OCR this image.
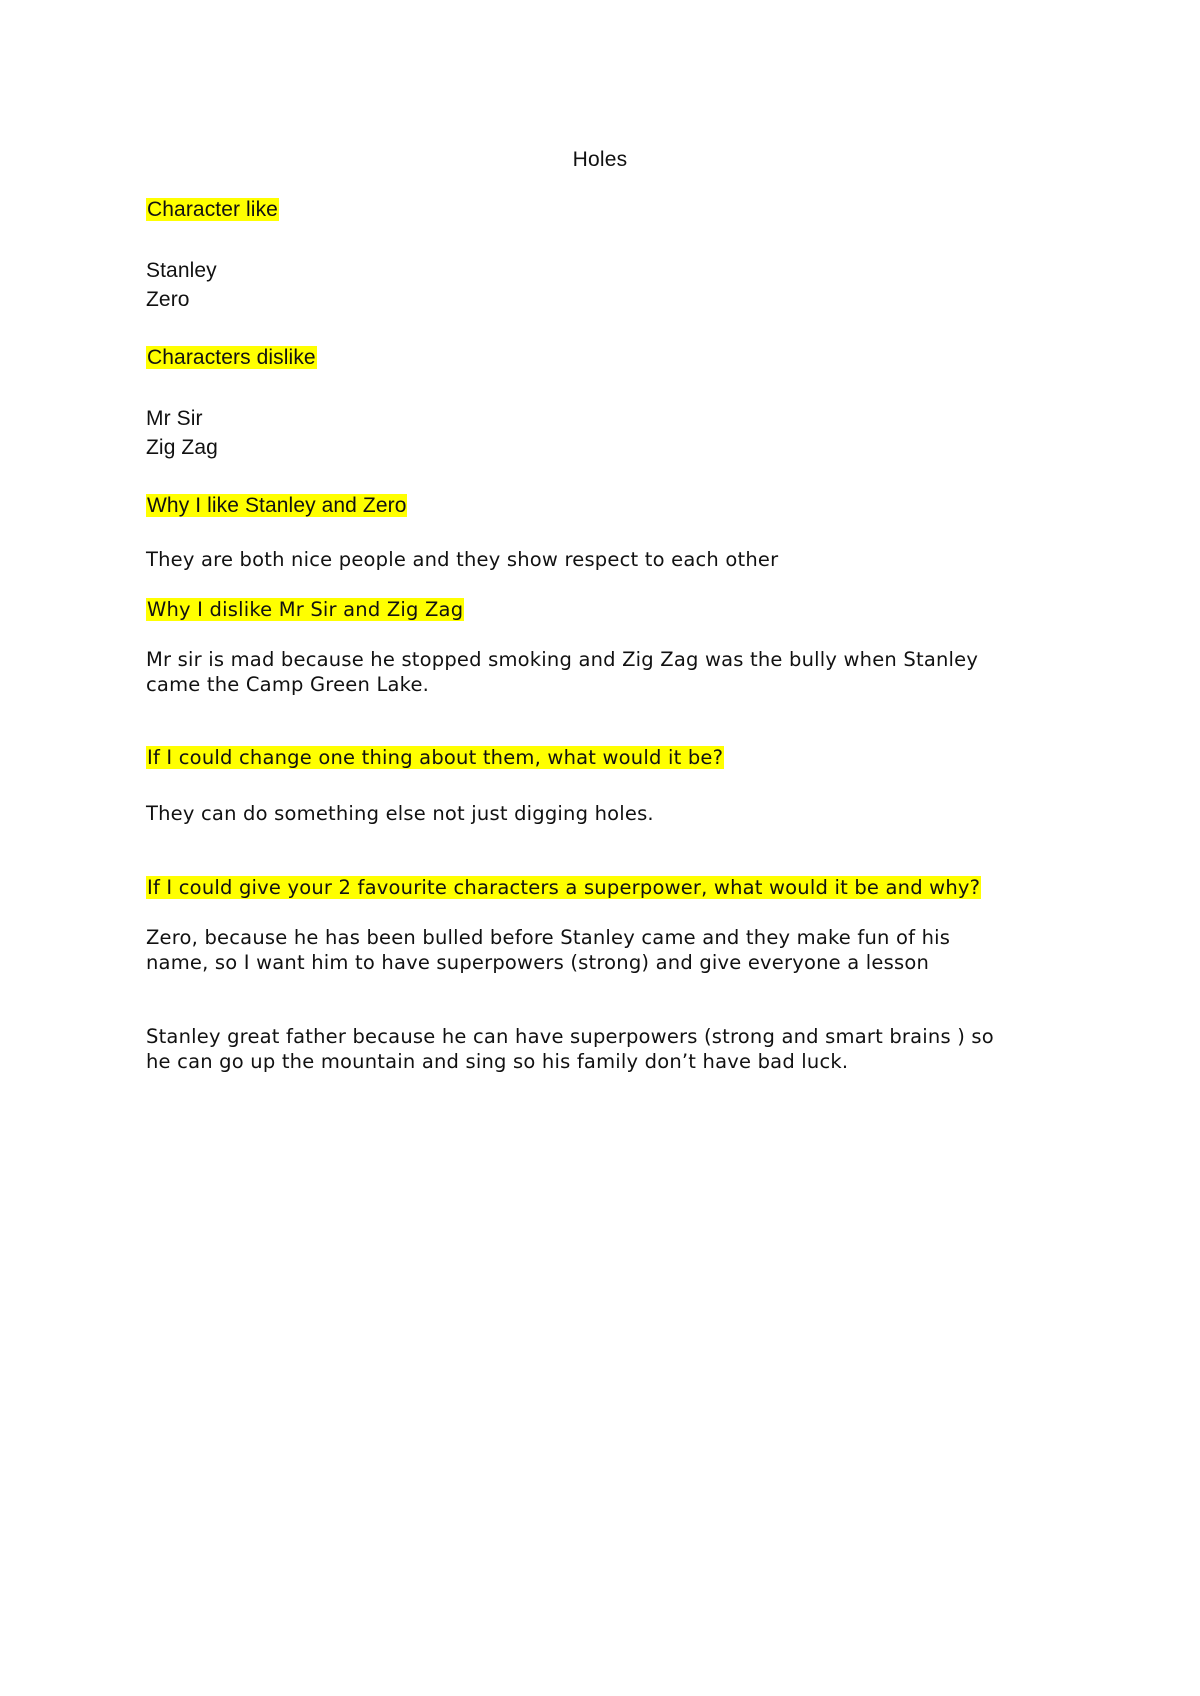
Holes
Character like
Stanley
Zero
Characters dislike
Mr Sir
Zig Zag
Why I like Stanley and Zero
They are both nice people and they show respect to each other
Why I dislike Mr Sir and Zig Zag
Mr sir is mad because he stopped smoking and Zig Zag was the bully when Stanley
came the Camp Green Lake.
If I could change one thing about them, what would it be?
They can do something else not just digging holes.
If I could give your 2 favourite characters a superpower, what would it be and why?
Zero, because he has been bulled before Stanley came and they make fun of his
name, so I want him to have superpowers (strong) and give everyone a lesson
Stanley great father because he can have superpowers (strong and smart brains ) so
he can go up the mountain and sing so his family don’t have bad luck.
